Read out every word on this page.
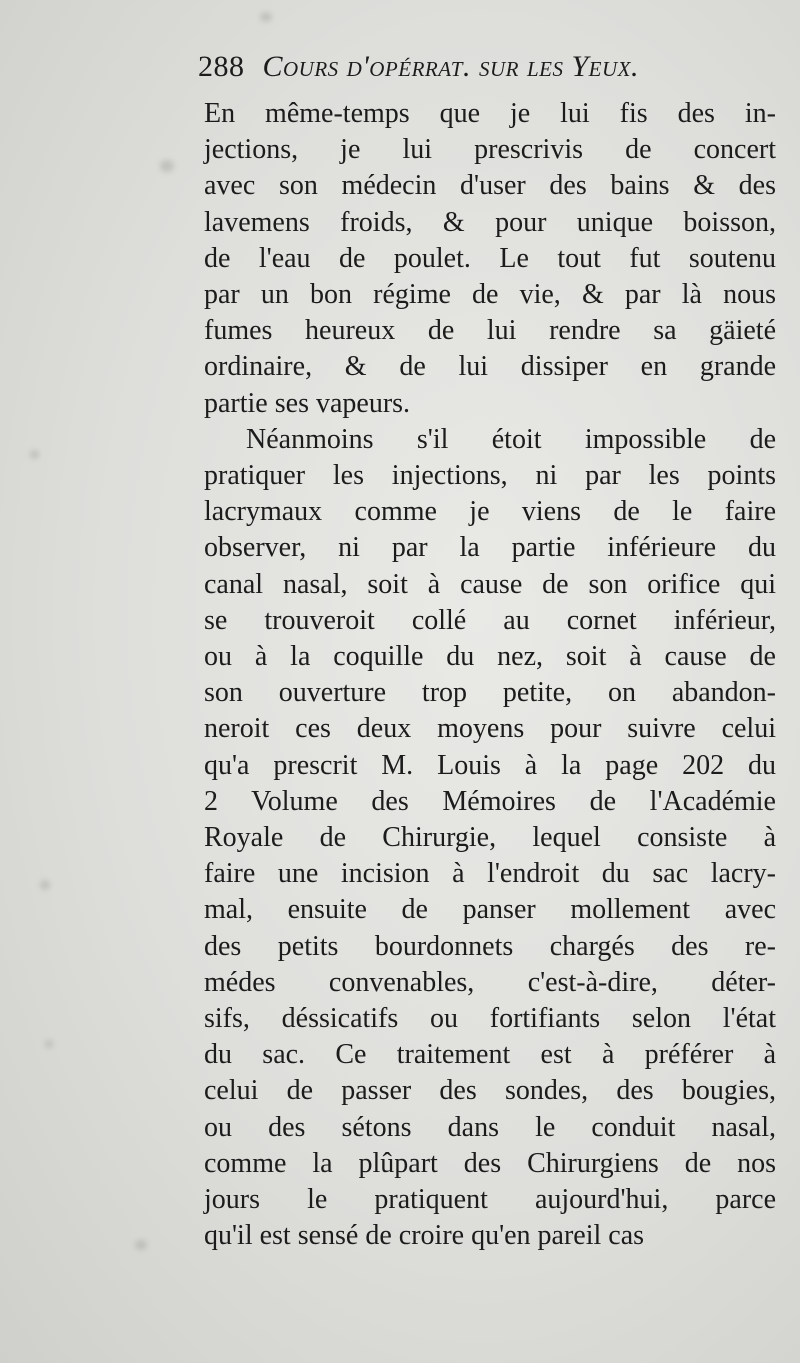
288 Cours d'opérrat. sur les Yeux.
En même-temps que je lui fis des in-
jections, je lui prescrivis de concert
avec son médecin d'user des bains & des
lavemens froids, & pour unique boisson,
de l'eau de poulet. Le tout fut soutenu
par un bon régime de vie, & par là nous
fumes heureux de lui rendre sa gäieté
ordinaire, & de lui dissiper en grande
partie ses vapeurs.
Néanmoins s'il étoit impossible de
pratiquer les injections, ni par les points
lacrymaux comme je viens de le faire
observer, ni par la partie inférieure du
canal nasal, soit à cause de son orifice qui
se trouveroit collé au cornet inférieur,
ou à la coquille du nez, soit à cause de
son ouverture trop petite, on abandon-
neroit ces deux moyens pour suivre celui
qu'a prescrit M. Louis à la page 202 du
2 Volume des Mémoires de l'Académie
Royale de Chirurgie, lequel consiste à
faire une incision à l'endroit du sac lacry-
mal, ensuite de panser mollement avec
des petits bourdonnets chargés des re-
médes convenables, c'est-à-dire, déter-
sifs, déssicatifs ou fortifiants selon l'état
du sac. Ce traitement est à préférer à
celui de passer des sondes, des bougies,
ou des sétons dans le conduit nasal,
comme la plûpart des Chirurgiens de nos
jours le pratiquent aujourd'hui, parce
qu'il est sensé de croire qu'en pareil cas
